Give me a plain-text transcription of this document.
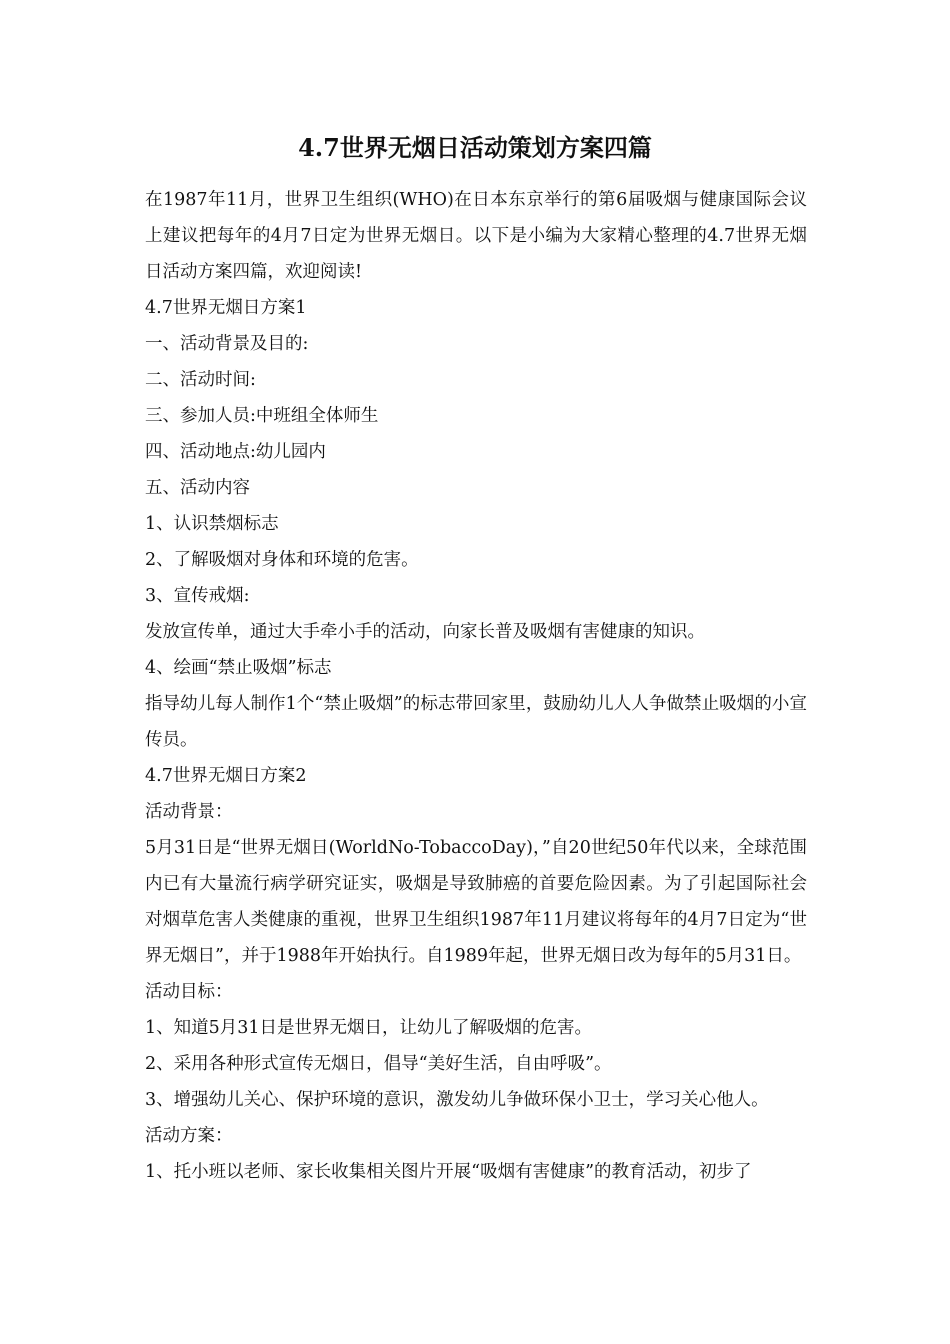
4.7世界无烟日活动策划方案四篇

在1987年11月，世界卫生组织(WHO)在日本东京举行的第6届吸烟与健康国际会议上建议把每年的4月7日定为世界无烟日。以下是小编为大家精心整理的4.7世界无烟日活动方案四篇，欢迎阅读!

4.7世界无烟日方案1

一、活动背景及目的:

二、活动时间:

三、参加人员:中班组全体师生

四、活动地点:幼儿园内

五、活动内容

1、认识禁烟标志

2、了解吸烟对身体和环境的危害。

3、宣传戒烟:

发放宣传单，通过大手牵小手的活动，向家长普及吸烟有害健康的知识。

4、绘画“禁止吸烟”标志

指导幼儿每人制作1个“禁止吸烟”的标志带回家里，鼓励幼儿人人争做禁止吸烟的小宣传员。

4.7世界无烟日方案2

活动背景：

5月31日是“世界无烟日(WorldNo-TobaccoDay)，”自20世纪50年代以来，全球范围内已有大量流行病学研究证实，吸烟是导致肺癌的首要危险因素。为了引起国际社会对烟草危害人类健康的重视，世界卫生组织1987年11月建议将每年的4月7日定为“世界无烟日”，并于1988年开始执行。自1989年起，世界无烟日改为每年的5月31日。

活动目标：

1、知道5月31日是世界无烟日，让幼儿了解吸烟的危害。

2、采用各种形式宣传无烟日，倡导“美好生活，自由呼吸”。

3、增强幼儿关心、保护环境的意识，激发幼儿争做环保小卫士，学习关心他人。

活动方案：

1、托小班以老师、家长收集相关图片开展“吸烟有害健康”的教育活动，初步了
